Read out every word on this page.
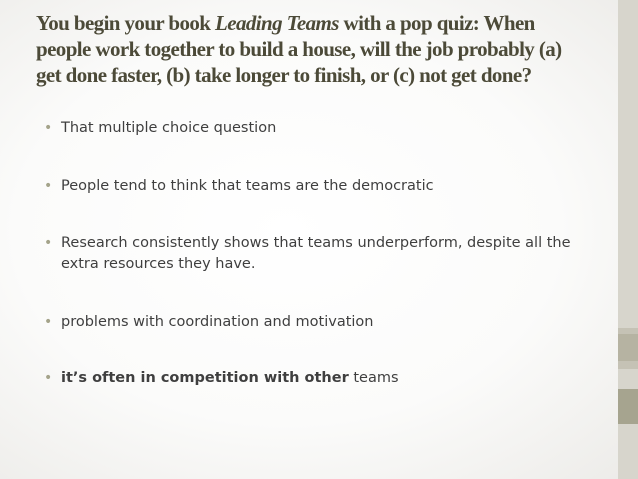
You begin your book Leading Teams with a pop quiz: When people work together to build a house, will the job probably (a) get done faster, (b) take longer to finish, or (c) not get done?
• That multiple choice question
• People tend to think that teams are the democratic
• Research consistently shows that teams underperform, despite all the extra resources they have.
• problems with coordination and motivation
• it’s often in competition with other teams
